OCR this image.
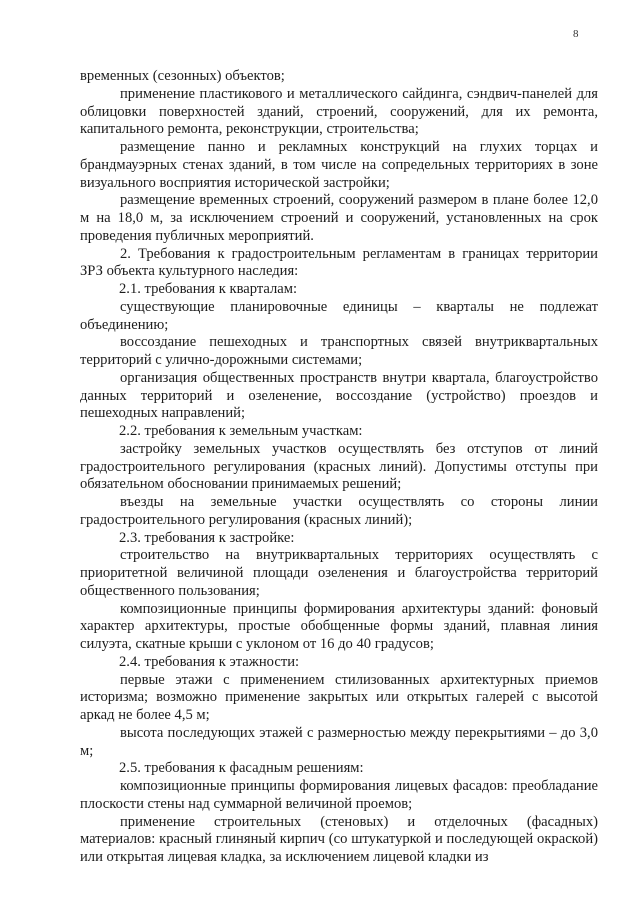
8

временных (сезонных) объектов;

применение пластикового и металлического сайдинга, сэндвич-панелей для облицовки поверхностей зданий, строений, сооружений, для их ремонта, капитального ремонта, реконструкции, строительства;

размещение панно и рекламных конструкций на глухих торцах и брандмауэрных стенах зданий, в том числе на сопредельных территориях в зоне визуального восприятия исторической застройки;

размещение временных строений, сооружений размером в плане более 12,0 м на 18,0 м, за исключением строений и сооружений, установленных на срок проведения публичных мероприятий.

2. Требования к градостроительным регламентам в границах территории ЗРЗ объекта культурного наследия:

2.1. требования к кварталам:

существующие планировочные единицы – кварталы не подлежат объединению;

воссоздание пешеходных и транспортных связей внутриквартальных территорий с улично-дорожными системами;

организация общественных пространств внутри квартала, благоустройство данных территорий и озеленение, воссоздание (устройство) проездов и пешеходных направлений;

2.2. требования к земельным участкам:

застройку земельных участков осуществлять без отступов от линий градостроительного регулирования (красных линий). Допустимы отступы при обязательном обосновании принимаемых решений;

въезды на земельные участки осуществлять со стороны линии градостроительного регулирования (красных линий);

2.3. требования к застройке:

строительство на внутриквартальных территориях осуществлять с приоритетной величиной площади озеленения и благоустройства территорий общественного пользования;

композиционные принципы формирования архитектуры зданий: фоновый характер архитектуры, простые обобщенные формы зданий, плавная линия силуэта, скатные крыши с уклоном от 16 до 40 градусов;

2.4. требования к этажности:

первые этажи с применением стилизованных архитектурных приемов историзма; возможно применение закрытых или открытых галерей с высотой аркад не более 4,5 м;

высота последующих этажей с размерностью между перекрытиями – до 3,0 м;

2.5. требования к фасадным решениям:

композиционные принципы формирования лицевых фасадов: преобладание плоскости стены над суммарной величиной проемов;

применение строительных (стеновых) и отделочных (фасадных) материалов: красный глиняный кирпич (со штукатуркой и последующей окраской) или открытая лицевая кладка, за исключением лицевой кладки из
